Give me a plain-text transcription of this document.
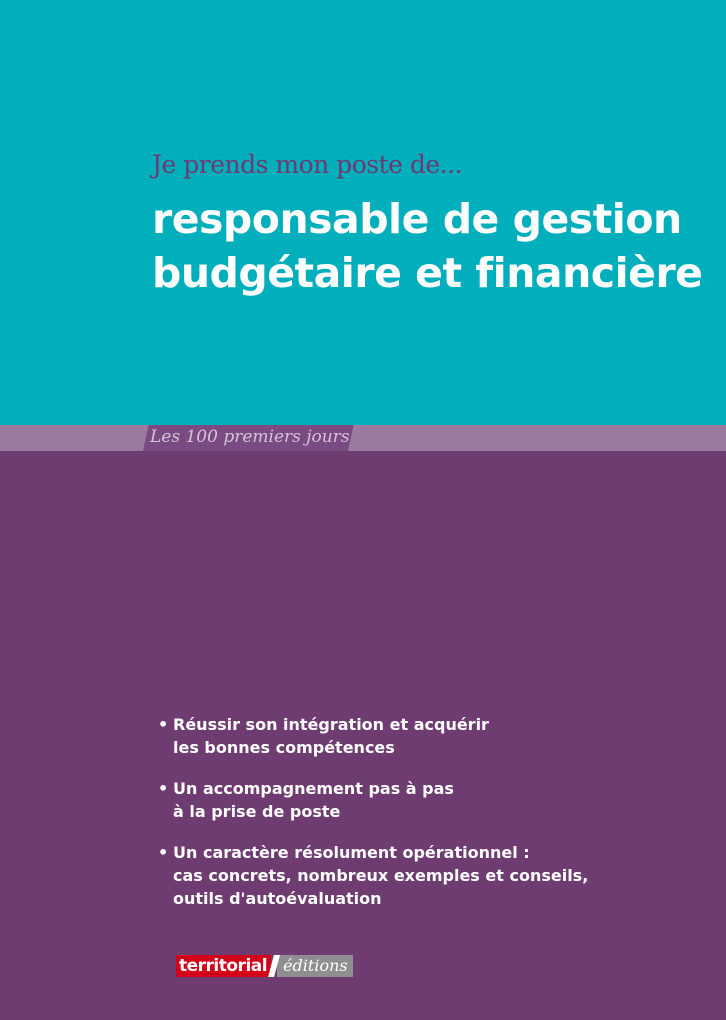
Je prends mon poste de...
responsable de gestion
budgétaire et financière
Les 100 premiers jours
• Réussir son intégration et acquérir
les bonnes compétences
• Un accompagnement pas à pas
à la prise de poste
• Un caractère résolument opérationnel :
cas concrets, nombreux exemples et conseils,
outils d'autoévaluation
territorial	éditions
